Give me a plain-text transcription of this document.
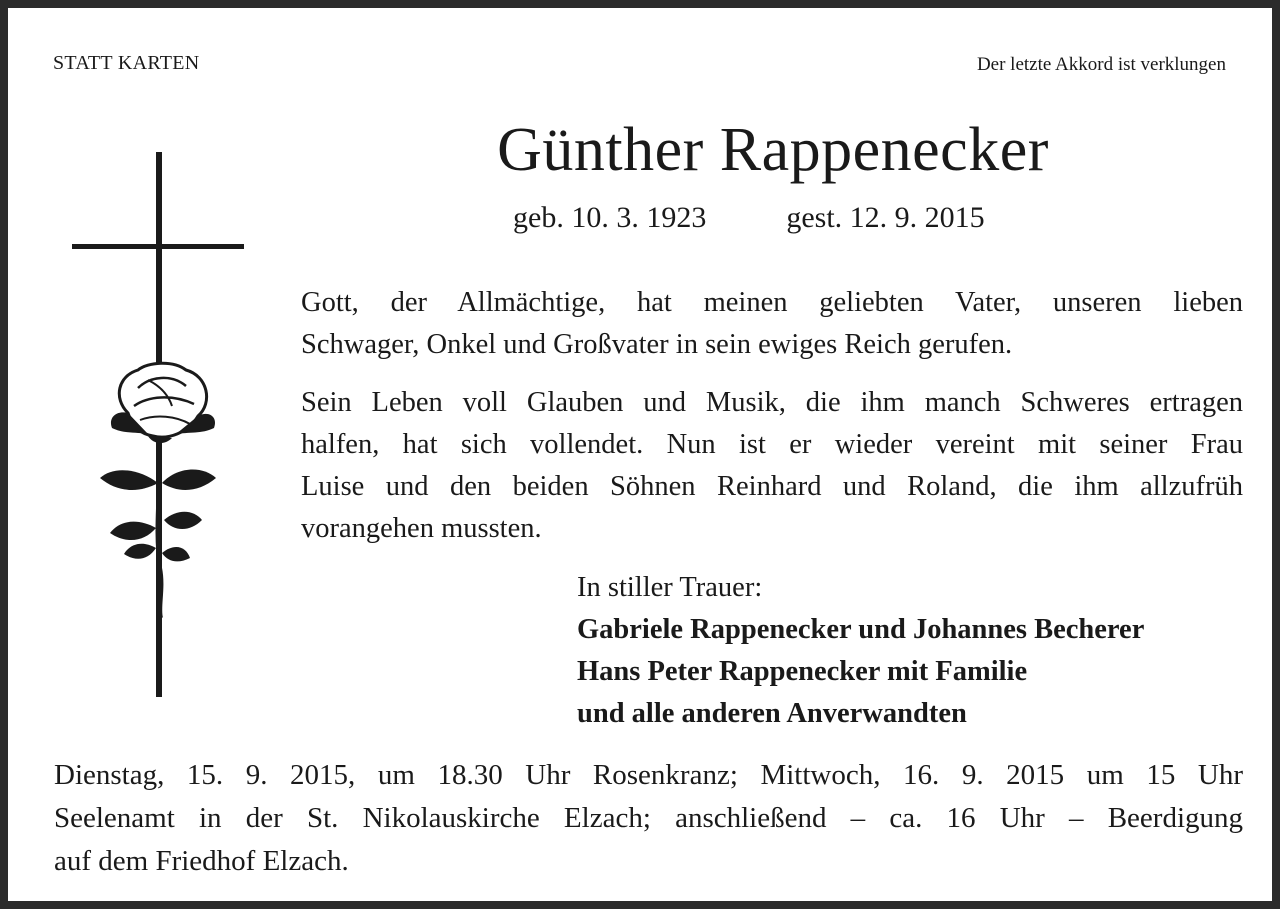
STATT KARTEN	Der letzte Akkord ist verklungen
Günther Rappenecker
geb. 10. 3. 1923	gest. 12. 9. 2015
Gott, der Allmächtige, hat meinen geliebten Vater, unseren lieben
Schwager, Onkel und Großvater in sein ewiges Reich gerufen.
Sein Leben voll Glauben und Musik, die ihm manch Schweres ertragen
halfen, hat sich vollendet. Nun ist er wieder vereint mit seiner Frau
Luise und den beiden Söhnen Reinhard und Roland, die ihm allzufrüh
vorangehen mussten.
In stiller Trauer:
Gabriele Rappenecker und Johannes Becherer
Hans Peter Rappenecker mit Familie
und alle anderen Anverwandten
Dienstag, 15. 9. 2015, um 18.30 Uhr Rosenkranz; Mittwoch, 16. 9. 2015 um 15 Uhr
Seelenamt in der St. Nikolauskirche Elzach; anschließend – ca. 16 Uhr – Beerdigung
auf dem Friedhof Elzach.
